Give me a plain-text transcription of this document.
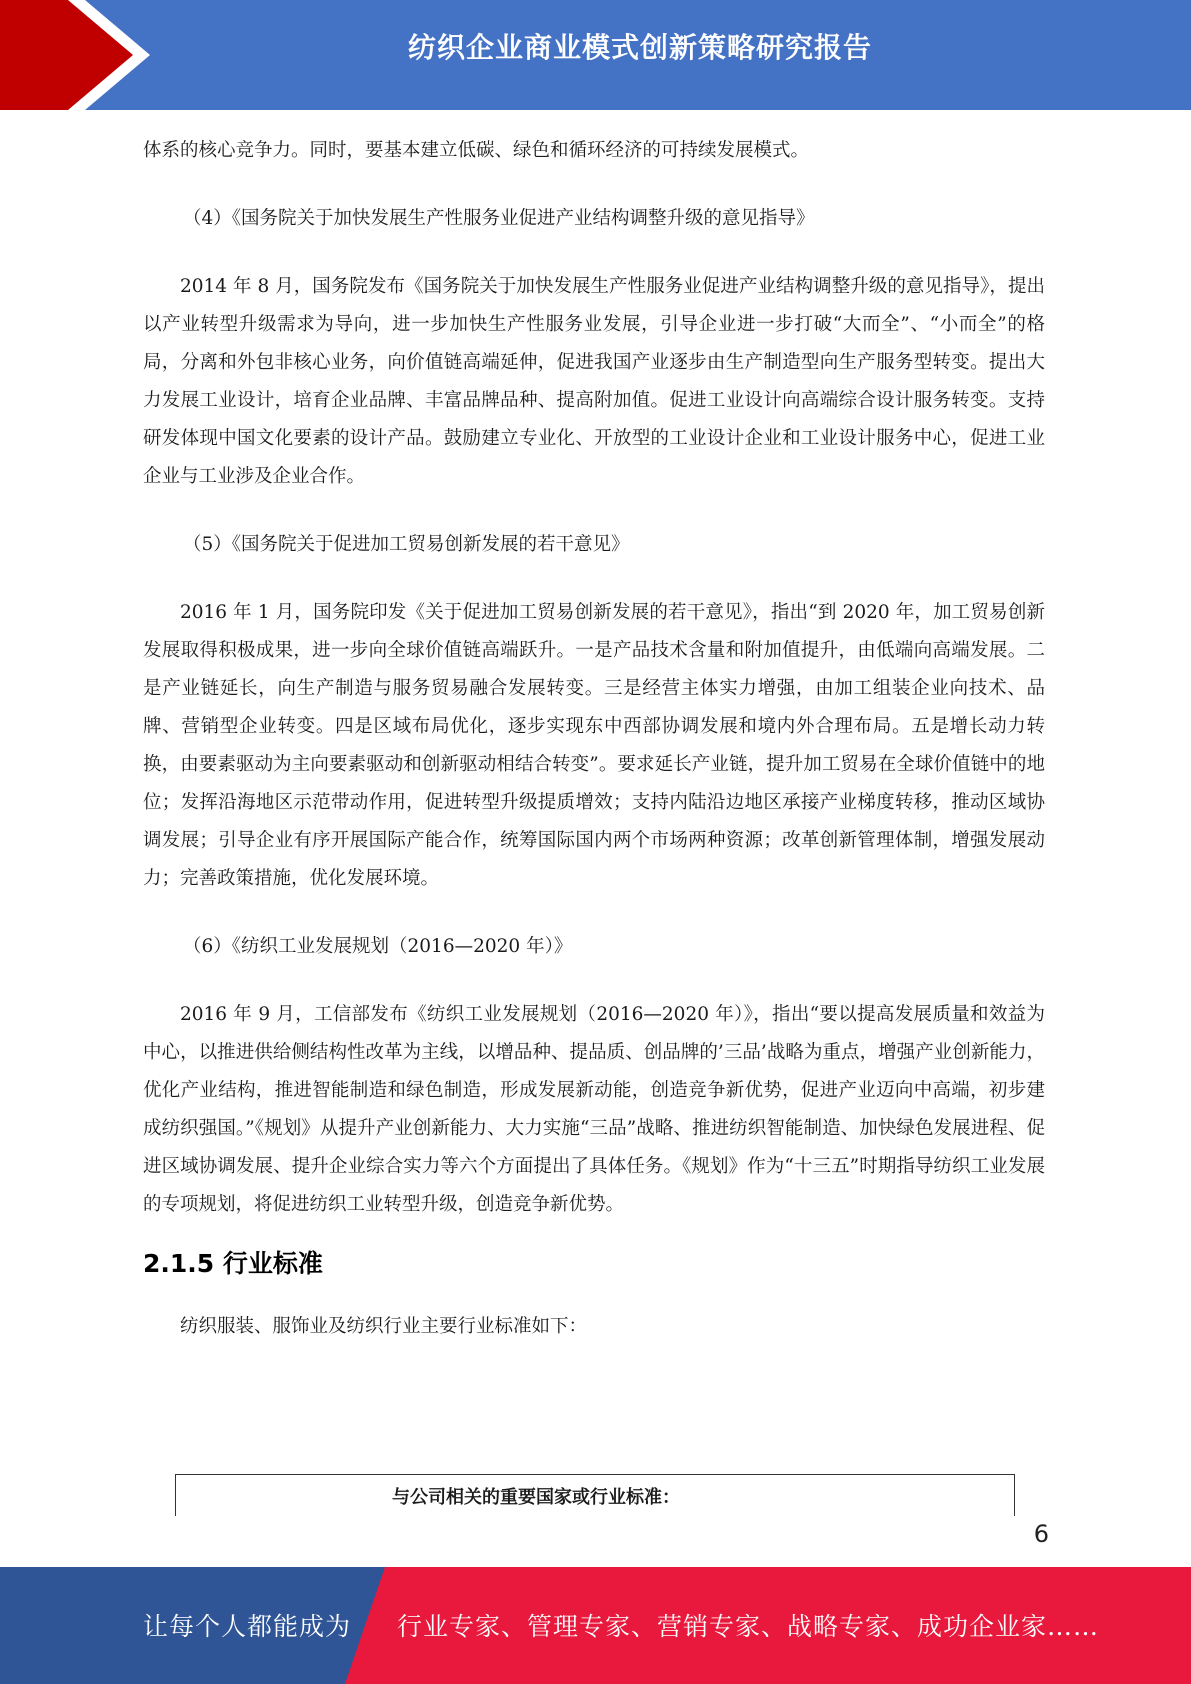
纺织企业商业模式创新策略研究报告

体系的核心竞争力。同时，要基本建立低碳、绿色和循环经济的可持续发展模式。

（4）《国务院关于加快发展生产性服务业促进产业结构调整升级的意见指导》

2014 年 8 月，国务院发布《国务院关于加快发展生产性服务业促进产业结构调整升级的意见指导》，提出以产业转型升级需求为导向，进一步加快生产性服务业发展，引导企业进一步打破“大而全”、“小而全”的格局，分离和外包非核心业务，向价值链高端延伸，促进我国产业逐步由生产制造型向生产服务型转变。提出大力发展工业设计，培育企业品牌、丰富品牌品种、提高附加值。促进工业设计向高端综合设计服务转变。支持研发体现中国文化要素的设计产品。鼓励建立专业化、开放型的工业设计企业和工业设计服务中心，促进工业企业与工业涉及企业合作。

（5）《国务院关于促进加工贸易创新发展的若干意见》

2016 年 1 月，国务院印发《关于促进加工贸易创新发展的若干意见》，指出“到 2020 年，加工贸易创新发展取得积极成果，进一步向全球价值链高端跃升。一是产品技术含量和附加值提升，由低端向高端发展。二是产业链延长，向生产制造与服务贸易融合发展转变。三是经营主体实力增强，由加工组装企业向技术、品牌、营销型企业转变。四是区域布局优化，逐步实现东中西部协调发展和境内外合理布局。五是增长动力转换，由要素驱动为主向要素驱动和创新驱动相结合转变”。要求延长产业链，提升加工贸易在全球价值链中的地位；发挥沿海地区示范带动作用，促进转型升级提质增效；支持内陆沿边地区承接产业梯度转移，推动区域协调发展；引导企业有序开展国际产能合作，统筹国际国内两个市场两种资源；改革创新管理体制，增强发展动力；完善政策措施，优化发展环境。

（6）《纺织工业发展规划（2016—2020 年）》

2016 年 9 月，工信部发布《纺织工业发展规划（2016—2020 年）》，指出“要以提高发展质量和效益为中心，以推进供给侧结构性改革为主线，以增品种、提品质、创品牌的’三品’战略为重点，增强产业创新能力，优化产业结构，推进智能制造和绿色制造，形成发展新动能，创造竞争新优势，促进产业迈向中高端，初步建成纺织强国。”《规划》从提升产业创新能力、大力实施“三品”战略、推进纺织智能制造、加快绿色发展进程、促进区域协调发展、提升企业综合实力等六个方面提出了具体任务。《规划》作为“十三五”时期指导纺织工业发展的专项规划，将促进纺织工业转型升级，创造竞争新优势。

2.1.5 行业标准

纺织服装、服饰业及纺织行业主要行业标准如下：

与公司相关的重要国家或行业标准：
6
让每个人都能成为 行业专家、管理专家、营销专家、战略专家、成功企业家……
